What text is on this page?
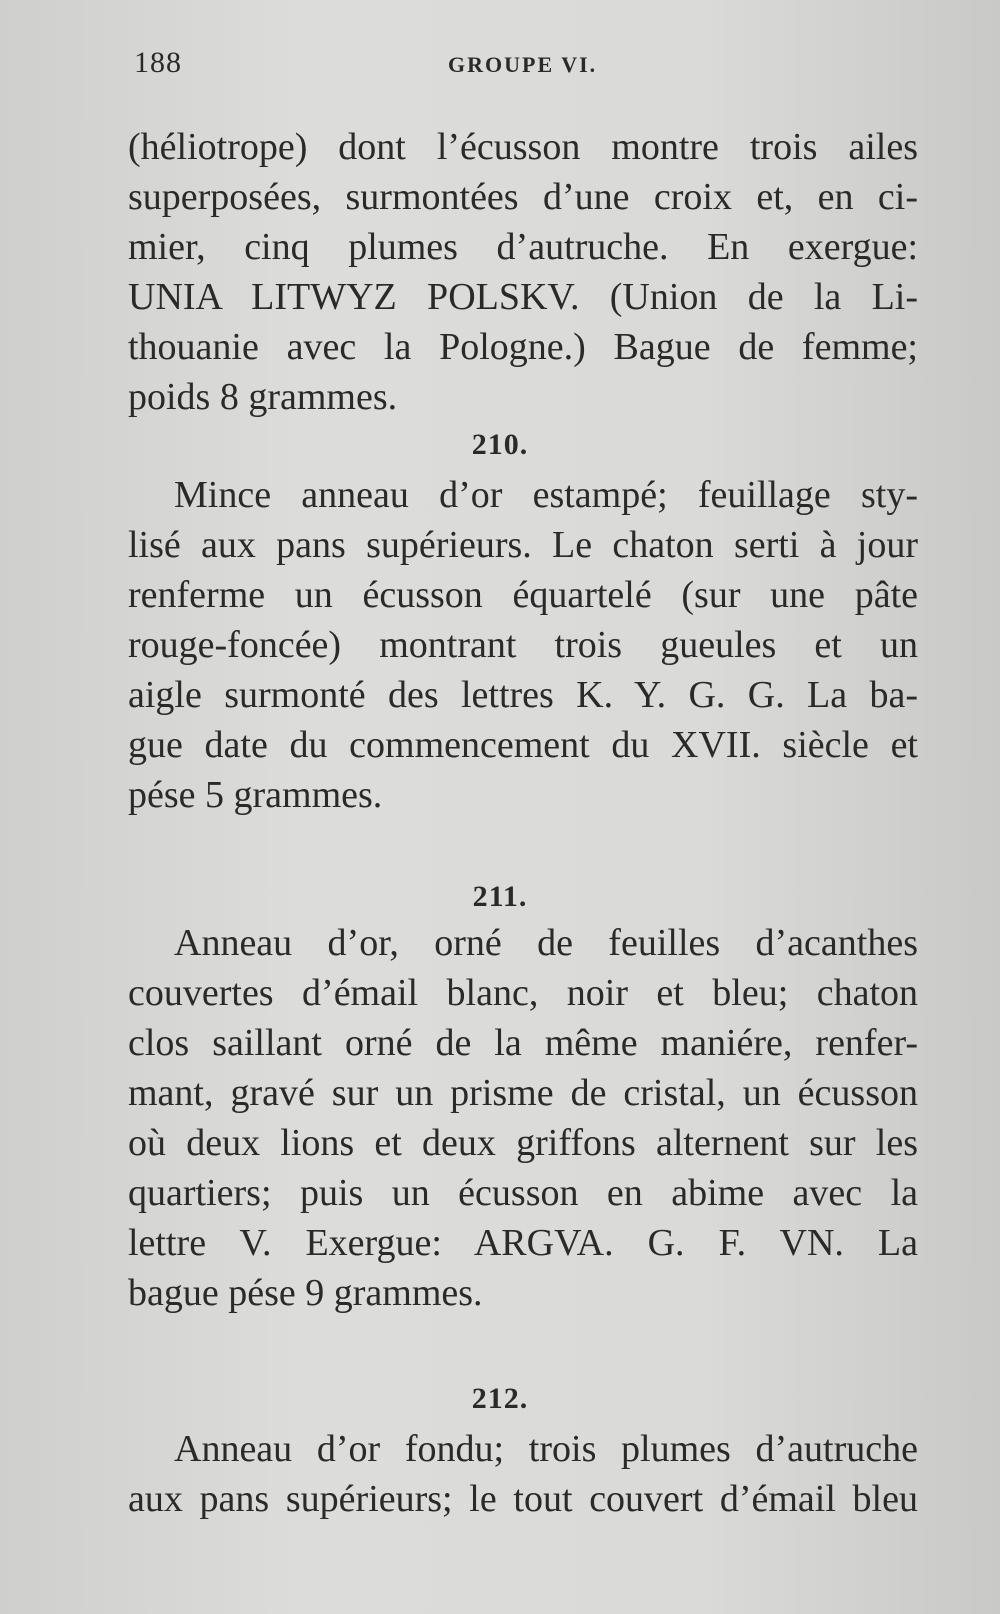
188	GROUPE VI.
(héliotrope) dont l’écusson montre trois ailes
superposées, surmontées d’une croix et, en ci-
mier, cinq plumes d’autruche. En exergue:
UNIA LITWYZ POLSKV. (Union de la Li-
thouanie avec la Pologne.) Bague de femme;
poids 8 grammes.
210.
Mince anneau d’or estampé; feuillage sty-
lisé aux pans supérieurs. Le chaton serti à jour
renferme un écusson équartelé (sur une pâte
rouge-foncée) montrant trois gueules et un
aigle surmonté des lettres K. Y. G. G. La ba-
gue date du commencement du XVII. siècle et
pése 5 grammes.
211.
Anneau d’or, orné de feuilles d’acanthes
couvertes d’émail blanc, noir et bleu; chaton
clos saillant orné de la même maniére, renfer-
mant, gravé sur un prisme de cristal, un écusson
où deux lions et deux griffons alternent sur les
quartiers; puis un écusson en abime avec la
lettre V. Exergue: ARGVA. G. F. VN. La
bague pése 9 grammes.
212.
Anneau d’or fondu; trois plumes d’autruche
aux pans supérieurs; le tout couvert d’émail bleu
